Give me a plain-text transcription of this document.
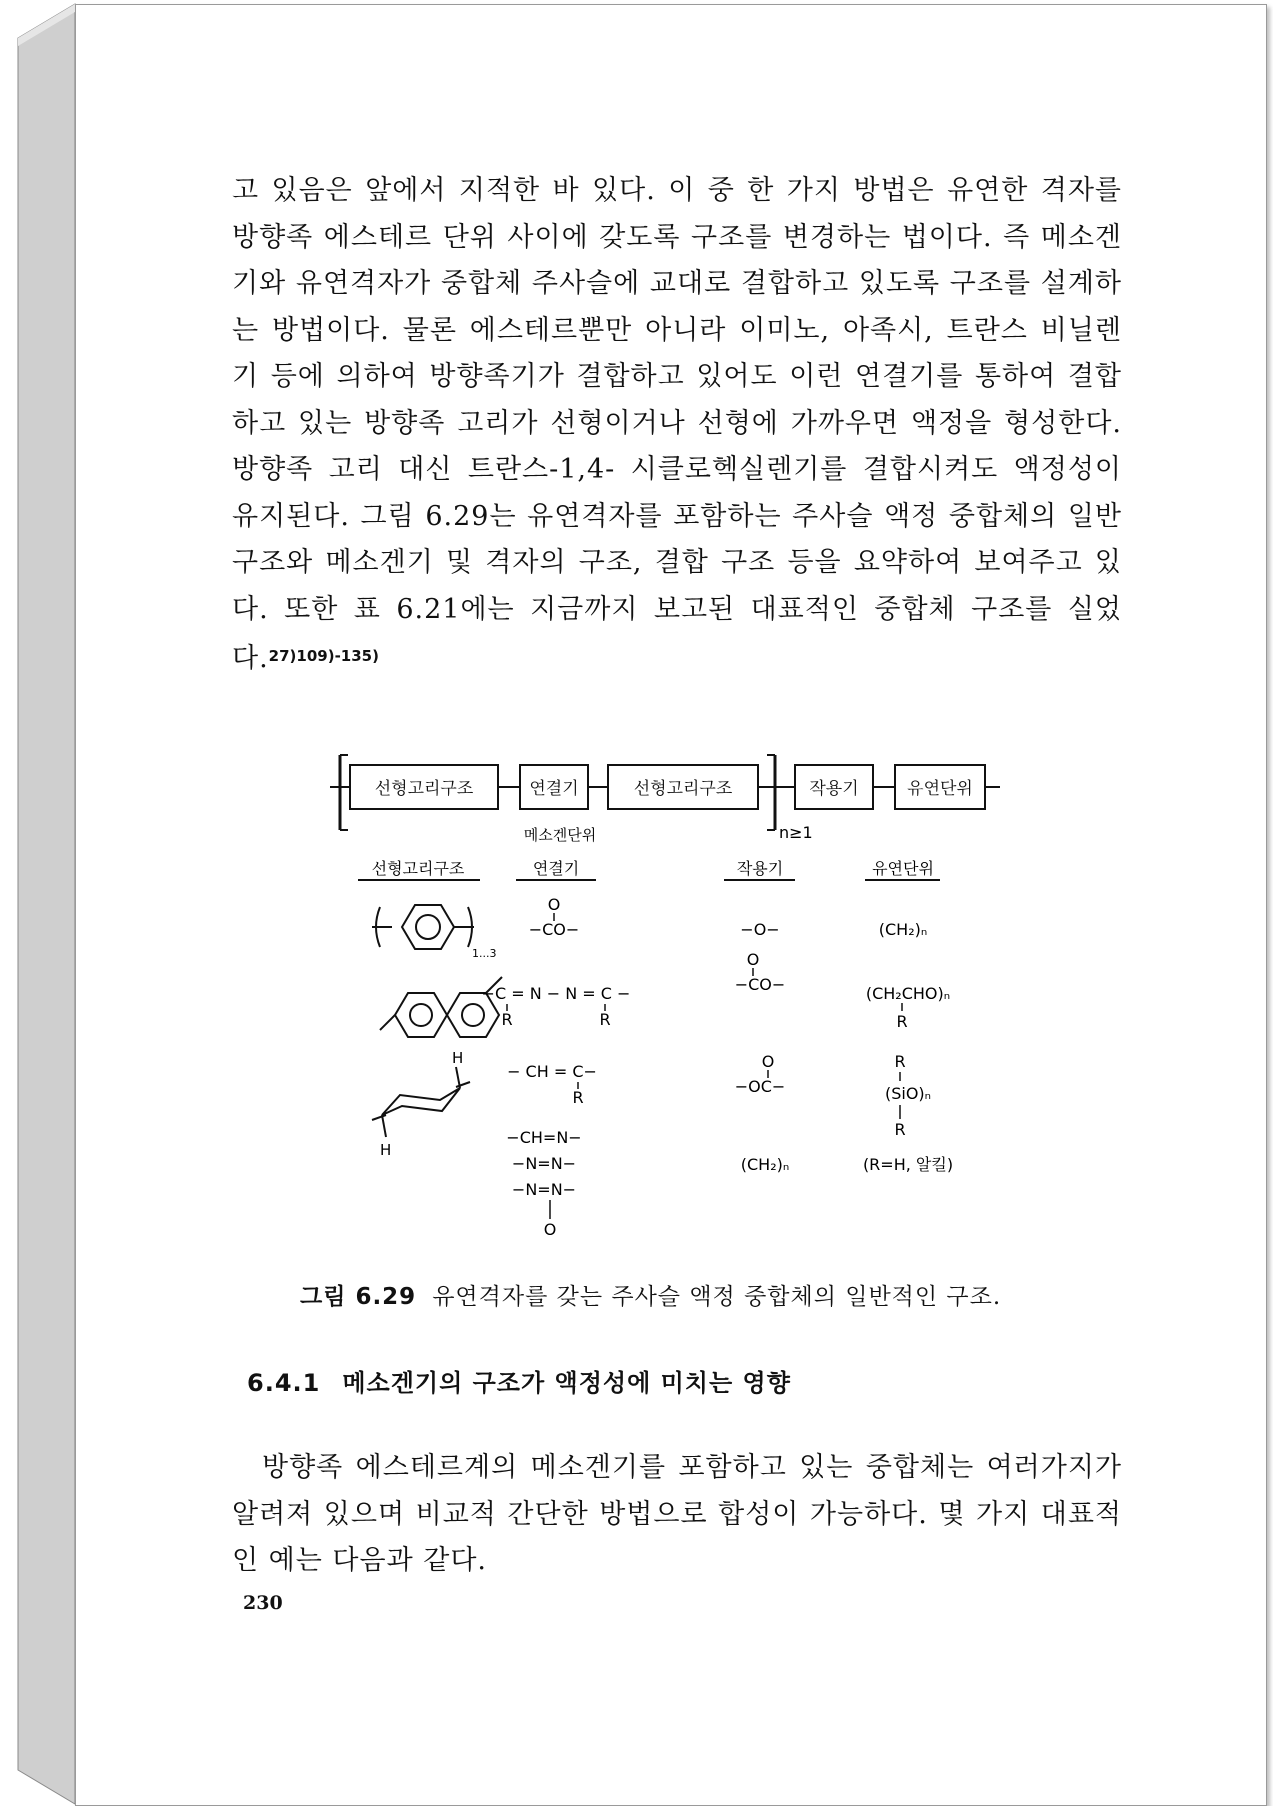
고 있음은 앞에서 지적한 바 있다. 이 중 한 가지 방법은 유연한 격자를 방향족 에스테르 단위 사이에 갖도록 구조를 변경하는 법이다. 즉 메소겐기와 유연격자가 중합체 주사슬에 교대로 결합하고 있도록 구조를 설계하는 방법이다. 물론 에스테르뿐만 아니라 이미노, 아족시, 트란스 비닐렌기 등에 의하여 방향족기가 결합하고 있어도 이런 연결기를 통하여 결합하고 있는 방향족 고리가 선형이거나 선형에 가까우면 액정을 형성한다. 방향족 고리 대신 트란스-1,4- 시클로헥실렌기를 결합시켜도 액정성이 유지된다. 그림 6.29는 유연격자를 포함하는 주사슬 액정 중합체의 일반구조와 메소겐기 및 격자의 구조, 결합 구조 등을 요약하여 보여주고 있다. 또한 표 6.21에는 지금까지 보고된 대표적인 중합체 구조를 실었다.$^{27)109)-135)}$

선형고리구조	연결기	선형고리구조	작용기	유연단위
메소겐단위	n≥1
선형고리구조	연결기	작용기	유연단위
1...3
H
H
O
−CO−
−C = N − N = C −
R	R
− CH = C−
R
−CH=N−
−N=N−
−N=N−
O
−O−
O
−CO−
O
−OC−
(CH₂)ₙ
(CH₂)ₙ
(CH₂CHO)ₙ
R
R
(SiO)ₙ
R
(R=H, 알킬)
그림 6.29 유연격자를 갖는 주사슬 액정 중합체의 일반적인 구조.
6.4.1 메소겐기의 구조가 액정성에 미치는 영향

방향족 에스테르계의 메소겐기를 포함하고 있는 중합체는 여러가지가 알려져 있으며 비교적 간단한 방법으로 합성이 가능하다. 몇 가지 대표적인 예는 다음과 같다.

230
